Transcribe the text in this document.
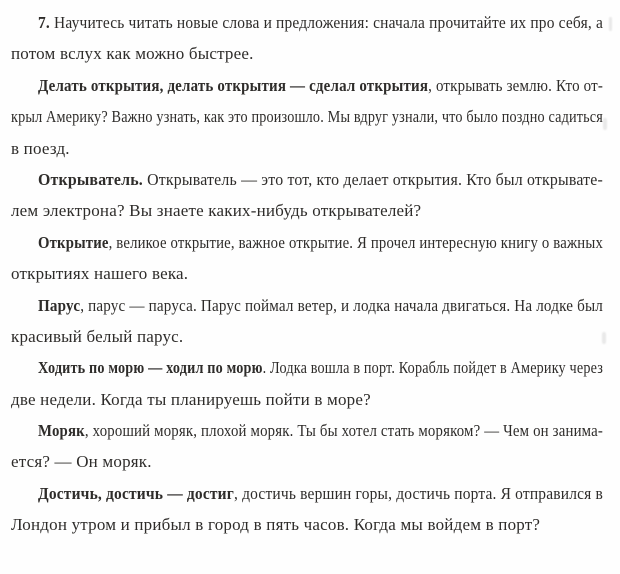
7. Научитесь читать новые слова и предложения: сначала прочитайте их про себя, а
потом вслух как можно быстрее.
Делать открытия, делать открытия — сделал открытия, открывать землю. Кто от-
крыл Америку? Важно узнать, как это произошло. Мы вдруг узнали, что было поздно садиться
в поезд.
Открыватель. Открыватель — это тот, кто делает открытия. Кто был открывате-
лем электрона? Вы знаете каких-нибудь открывателей?
Открытие, великое открытие, важное открытие. Я прочел интересную книгу о важных
открытиях нашего века.
Парус, парус — паруса. Парус поймал ветер, и лодка начала двигаться. На лодке был
красивый белый парус.
Ходить по морю — ходил по морю. Лодка вошла в порт. Корабль пойдет в Америку через
две недели. Когда ты планируешь пойти в море?
Моряк, хороший моряк, плохой моряк. Ты бы хотел стать моряком? — Чем он занима-
ется? — Он моряк.
Достичь, достичь — достиг, достичь вершин горы, достичь порта. Я отправился в
Лондон утром и прибыл в город в пять часов. Когда мы войдем в порт?
